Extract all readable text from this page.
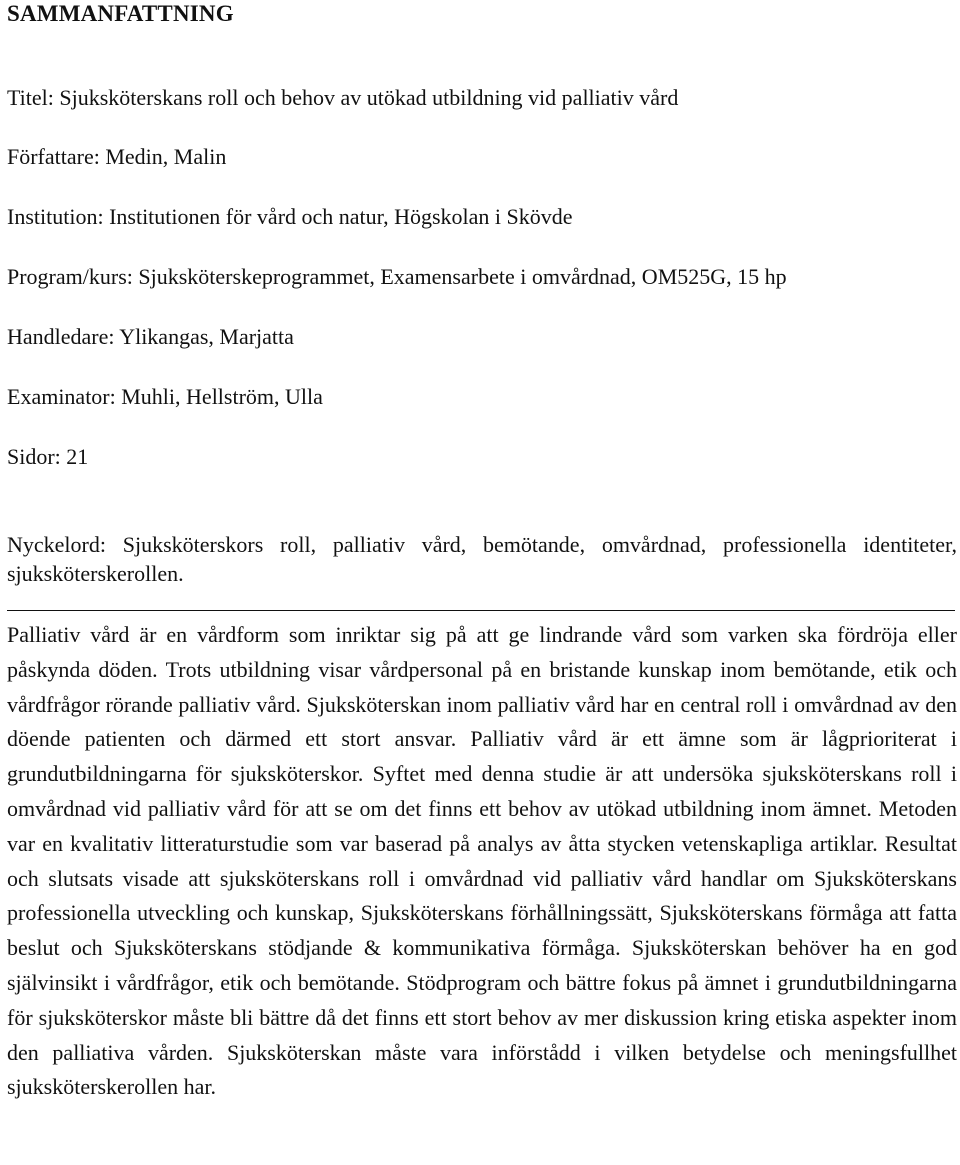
SAMMANFATTNING
Titel: Sjuksköterskans roll och behov av utökad utbildning vid palliativ vård
Författare: Medin, Malin
Institution: Institutionen för vård och natur, Högskolan i Skövde
Program/kurs: Sjuksköterskeprogrammet, Examensarbete i omvårdnad, OM525G, 15 hp
Handledare: Ylikangas, Marjatta
Examinator: Muhli, Hellström, Ulla
Sidor: 21
Nyckelord: Sjuksköterskors roll, palliativ vård, bemötande, omvårdnad, professionella identiteter, sjuksköterskerollen.

Palliativ vård är en vårdform som inriktar sig på att ge lindrande vård som varken ska fördröja eller påskynda döden. Trots utbildning visar vårdpersonal på en bristande kunskap inom bemötande, etik och vårdfrågor rörande palliativ vård. Sjuksköterskan inom palliativ vård har en central roll i omvårdnad av den döende patienten och därmed ett stort ansvar. Palliativ vård är ett ämne som är lågprioriterat i grundutbildningarna för sjuksköterskor. Syftet med denna studie är att undersöka sjuksköterskans roll i omvårdnad vid palliativ vård för att se om det finns ett behov av utökad utbildning inom ämnet. Metoden var en kvalitativ litteraturstudie som var baserad på analys av åtta stycken vetenskapliga artiklar. Resultat och slutsats visade att sjuksköterskans roll i omvårdnad vid palliativ vård handlar om Sjuksköterskans professionella utveckling och kunskap, Sjuksköterskans förhållningssätt, Sjuksköterskans förmåga att fatta beslut och Sjuksköterskans stödjande & kommunikativa förmåga. Sjuksköterskan behöver ha en god självinsikt i vårdfrågor, etik och bemötande. Stödprogram och bättre fokus på ämnet i grundutbildningarna för sjuksköterskor måste bli bättre då det finns ett stort behov av mer diskussion kring etiska aspekter inom den palliativa vården. Sjuksköterskan måste vara införstådd i vilken betydelse och meningsfullhet sjuksköterskerollen har.
